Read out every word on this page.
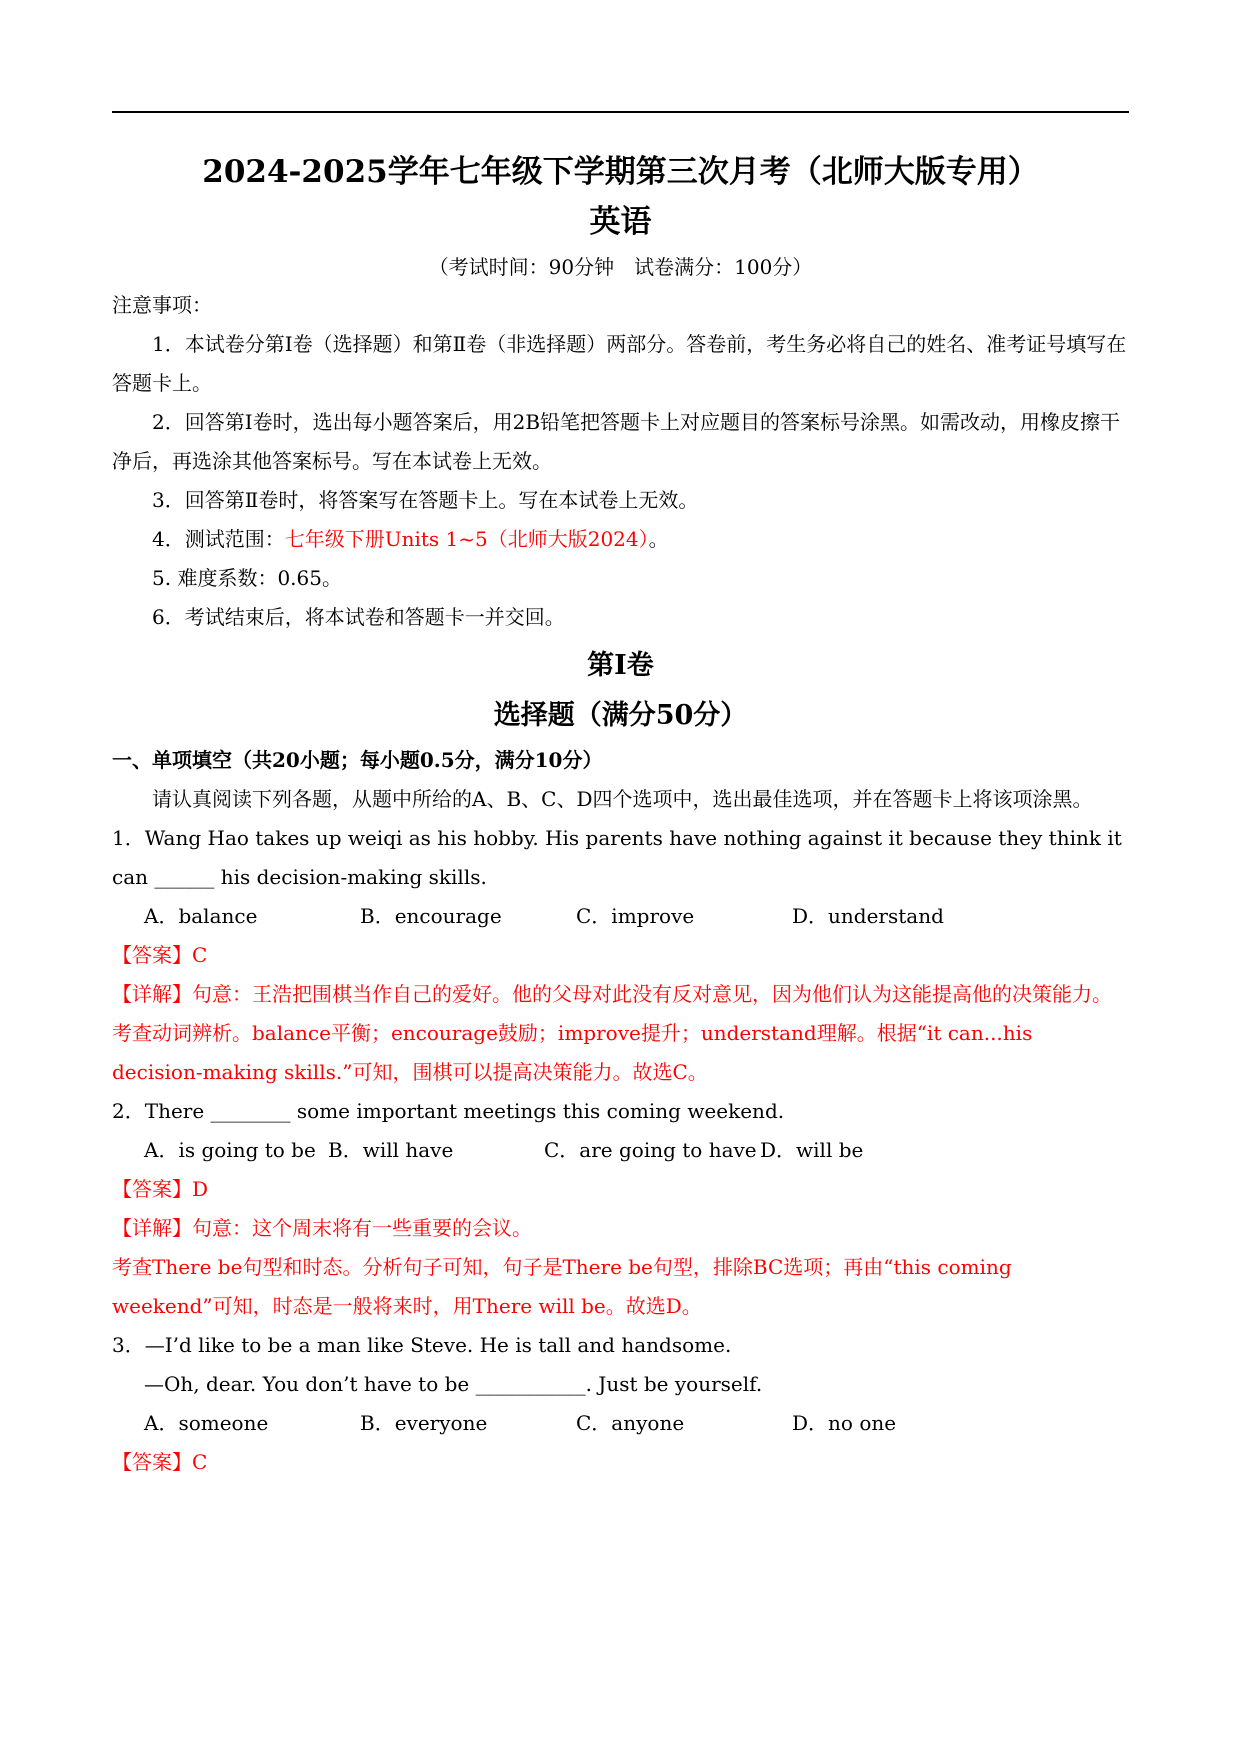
2024-2025学年七年级下学期第三次月考（北师大版专用）
英语
（考试时间：90分钟　试卷满分：100分）

注意事项：

1．本试卷分第Ⅰ卷（选择题）和第Ⅱ卷（非选择题）两部分。答卷前，考生务必将自己的姓名、准考证号填写在答题卡上。

2．回答第Ⅰ卷时，选出每小题答案后，用2B铅笔把答题卡上对应题目的答案标号涂黑。如需改动，用橡皮擦干净后，再选涂其他答案标号。写在本试卷上无效。

3．回答第Ⅱ卷时，将答案写在答题卡上。写在本试卷上无效。

4．测试范围：七年级下册Units 1~5（北师大版2024）。

5. 难度系数：0.65。

6．考试结束后，将本试卷和答题卡一并交回。

第Ⅰ卷
选择题（满分50分）

一、单项填空（共20小题；每小题0.5分，满分10分）

请认真阅读下列各题，从题中所给的A、B、C、D四个选项中，选出最佳选项，并在答题卡上将该项涂黑。

1．Wang Hao takes up weiqi as his hobby. His parents have nothing against it because they think it can ______ his decision-making skills.

A．balance	B．encourage	C．improve	D．understand

【答案】C

【详解】句意：王浩把围棋当作自己的爱好。他的父母对此没有反对意见，因为他们认为这能提高他的决策能力。

考查动词辨析。balance平衡；encourage鼓励；improve提升；understand理解。根据“it can...his decision-making skills.”可知，围棋可以提高决策能力。故选C。

2．There ________ some important meetings this coming weekend.

A．is going to be B．will have	C．are going to have D．will be

【答案】D

【详解】句意：这个周末将有一些重要的会议。

考查There be句型和时态。分析句子可知，句子是There be句型，排除BC选项；再由“this coming weekend”可知，时态是一般将来时，用There will be。故选D。

3．—I’d like to be a man like Steve. He is tall and handsome.

—Oh, dear. You don’t have to be ___________. Just be yourself.

A．someone	B．everyone	C．anyone	D．no one

【答案】C
